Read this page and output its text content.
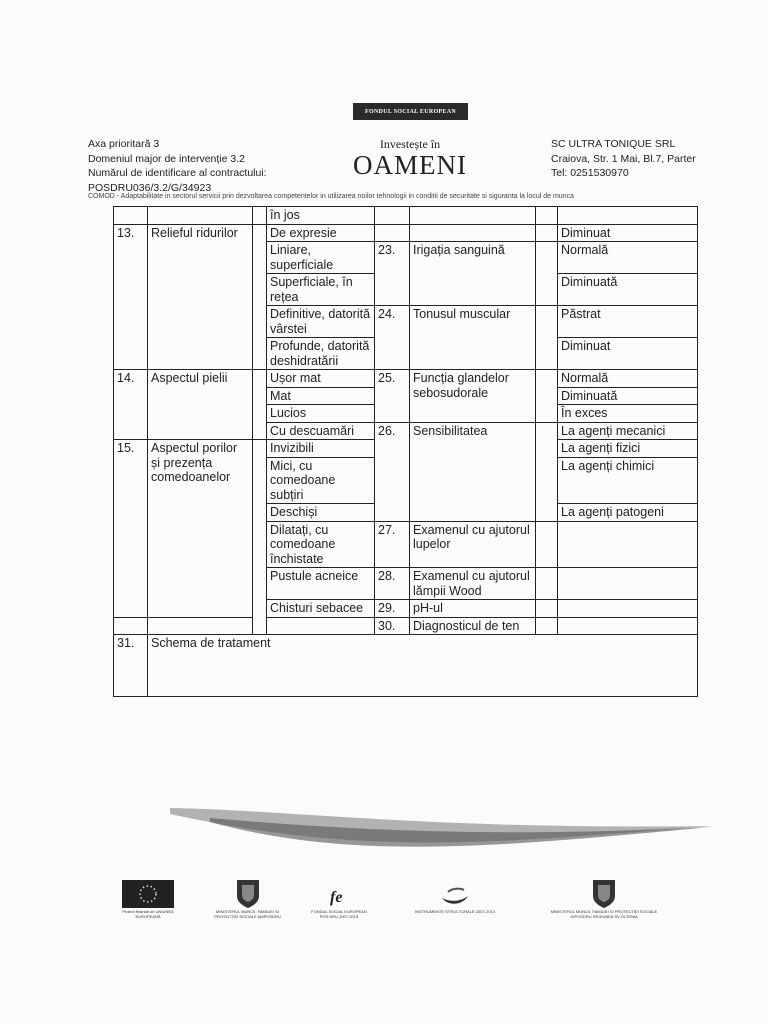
FONDUL SOCIAL EUROPEAN
Axa prioritară 3
Domeniul major de intervenție 3.2
Numărul de identificare al contractului:
POSDRU036/3.2/G/34923
Investește în
OAMENI
SC ULTRA TONIQUE SRL
Craiova, Str. 1 Mai, Bl.7, Parter
Tel: 0251530970
COMOD - Adaptabilitate in sectorul servicii prin dezvoltarea competentelor in utilizarea noilor tehnologii in conditii de securitate si siguranta la locul de munca
			în jos				
13.	Relieful ridurilor		De expresie				Diminuat
			Liniare, superficiale	23.	Irigația sanguină		Normală
			Superficiale, în rețea				Diminuată
			Definitive, datorită vârstei	24.	Tonusul muscular		Păstrat
			Profunde, datorită deshidratării				Diminuat
14.	Aspectul pielii		Ușor mat	25.	Funcția glandelor sebosudorale		Normală
			Mat				Diminuată
			Lucios				În exces
			Cu descuamări	26.	Sensibilitatea		La agenți mecanici
15.	Aspectul porilor și prezența comedoanelor		Invizibili				La agenți fizici
			Mici, cu comedoane subțiri				La agenți chimici
			Deschiși				La agenți patogeni
			Dilatați, cu comedoane închistate	27.	Examenul cu ajutorul lupelor		
			Pustule acneice	28.	Examenul cu ajutorul lămpii Wood		
			Chisturi sebacee	29.	pH-ul		
				30.	Diagnosticul de ten		
31.	Schema de tratament						
Proiect finanțat de UNIUNEA EUROPEANĂ
MINISTERUL MUNCII, FAMILIEI ȘI PROTECȚIEI SOCIALE AMPOSDRU
fe
FONDUL SOCIAL EUROPEAN POS DRU 2007-2013
INSTRUMENTE STRUCTURALE 2007-2013	MINISTERUL MUNCII, FAMILIEI ȘI PROTECȚIEI SOCIALE OIPOSDRU REGIUNEA SV OLTENIA
